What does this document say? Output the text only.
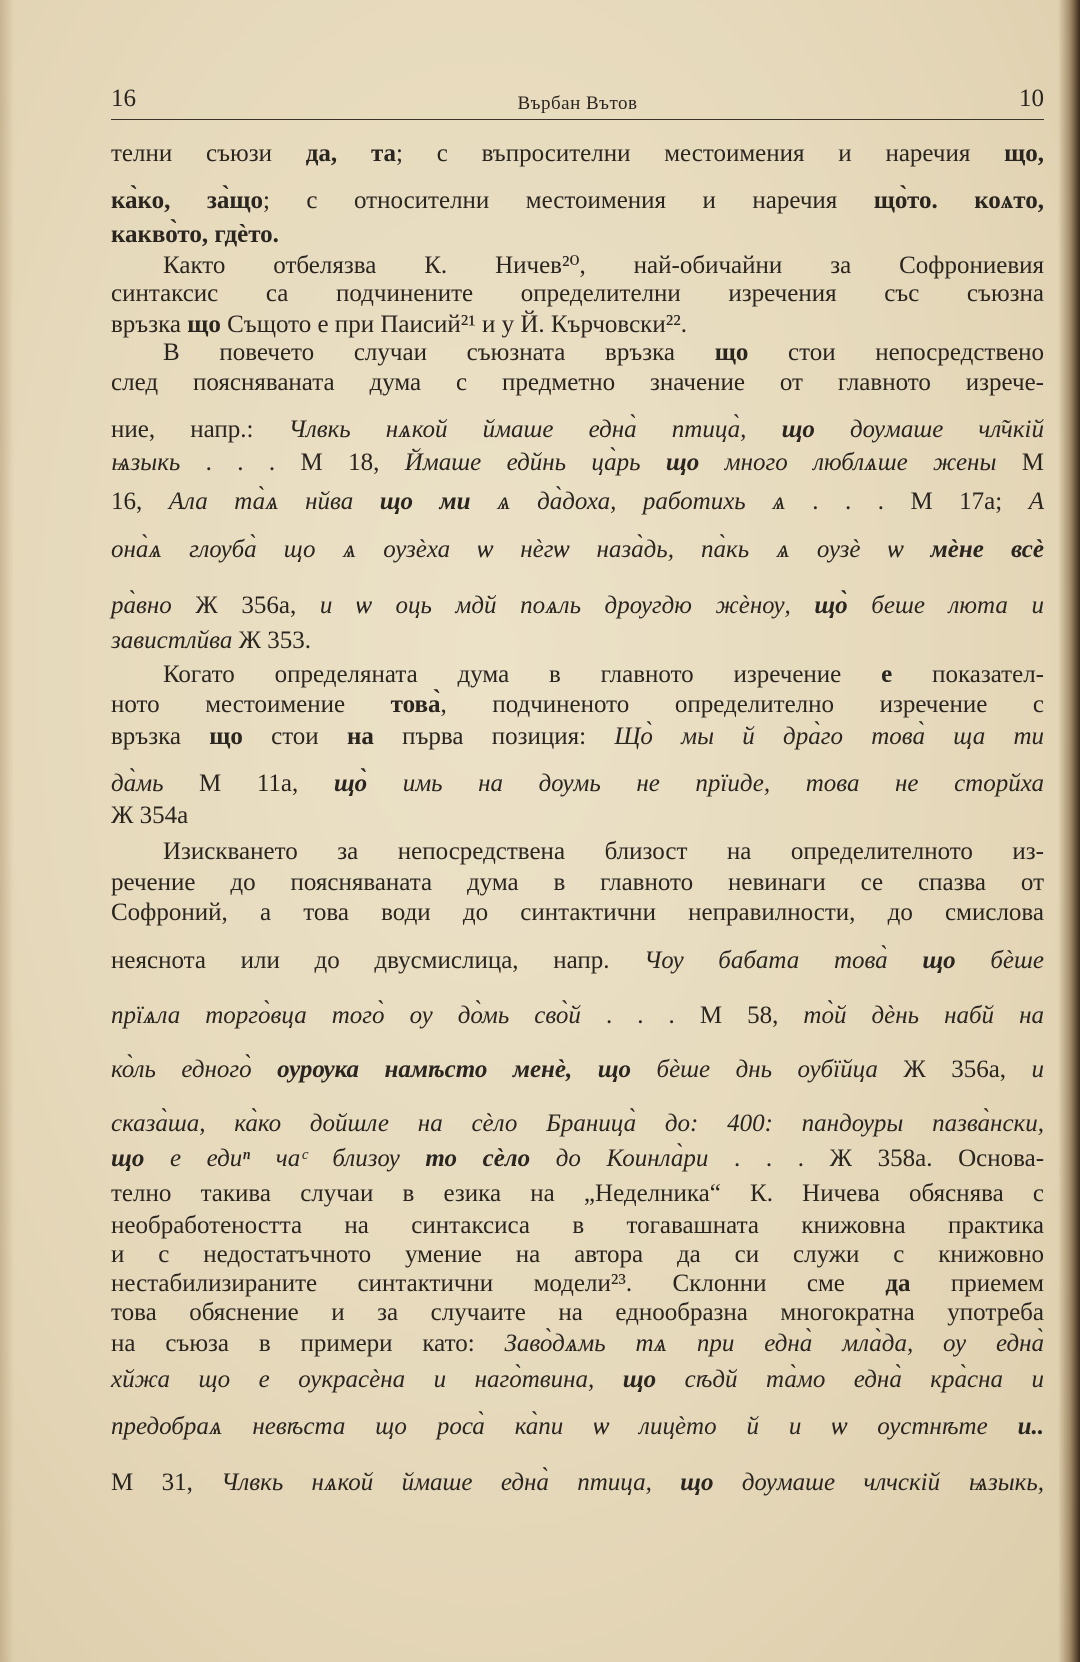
16	Върбан Вътов	10
телни съюзи да, та; с въпросителни местоимения и наречия що,
ка̀ко, за̀що; с относителни местоимения и наречия що̀то. коѧто,
какво̀то, гдѐто.
Както отбелязва К. Ничев²⁰, най-обичайни за Софрониевия
синтаксис са подчинените определителни изречения със съюзна
връзка що Същото е при Паисий²¹ и у Й. Кърчовски²².
В повечето случаи съюзната връзка що стои непосредствено
след поясняваната дума с предметно значение от главното изрече-
ние, напр.: Члвкь нѧкой ймаше една̀ птица̀, що дѹмаше чл̃чкій
ѩзыкь . . . М 18, Ймаше едйнь ца̀рь що много люблѧше жены М
16, Ала та̀ѧ нйва що ми ѧ да̀доха, работихь ѧ . . . М 17а; А
она̀ѧ глѹба̀ що ѧ оузѐха ѡ нѐгѡ наза̀дь, па̀кь ѧ оузѐ ѡ мѐне всѐ
ра̀вно Ж 356а, и ѡ оць мдй поѧль дрѹгдю жѐнѹ, що̀ беше люта и
завистлйва Ж 353.
Когато определяната дума в главното изречение е показател-
ното местоимение това̀, подчиненото определително изречение с
връзка що стои на първа позиция: Що̀ мы й дра̀го това̀ ща ти
да̀мь М 11а, що̀ имь на дѹмь не прїиде, това не сторйха
Ж 354а
Изискването за непосредствена близост на определителното из-
речение до поясняваната дума в главното невинаги се спазва от
Софроний, а това води до синтактични неправилности, до смислова
неяснота или до двусмислица, напр. Чѹ бабата това̀ що бѐше
прїѧла торго̀вца того̀ оу до̀мь сво̀й . . . М 58, то̀й дѐнь набй на
ко̀ль едного̀ оурѹка намѣсто менѐ, що бѐше днь оубїйца Ж 356а, и
сказа̀ша, ка̀ко дойшле на сѐло Браница̀ до: 400: пандѹры пазва̀нски,
що е едиⁿ чаᶜ близѹ то сѐло до Коинла̀ри . . . Ж 358а. Основа-
телно такива случаи в езика на „Неделника“ К. Ничева обяснява с
необработеността на синтаксиса в тогавашната книжовна практика
и с недостатъчното умение на автора да си служи с книжовно
нестабилизираните синтактични модели²³. Склонни сме да приемем
това обяснение и за случаите на еднообразна многократна употреба
на съюза в примери като: Заво̀дѧмь тѧ при една̀ мла̀да, оу една̀
хйжа що е оукрасѐна и наго̀твина, що сѣдй та̀мо една̀ кра̀сна и
предобраѧ невѣста що роса̀ ка̀пи ѡ лицѐто й и ѡ оустнѣте и..
М 31, Члвкь нѧкой ймаше една̀ птица, що дѹмаше члчскій ѩзыкь,
